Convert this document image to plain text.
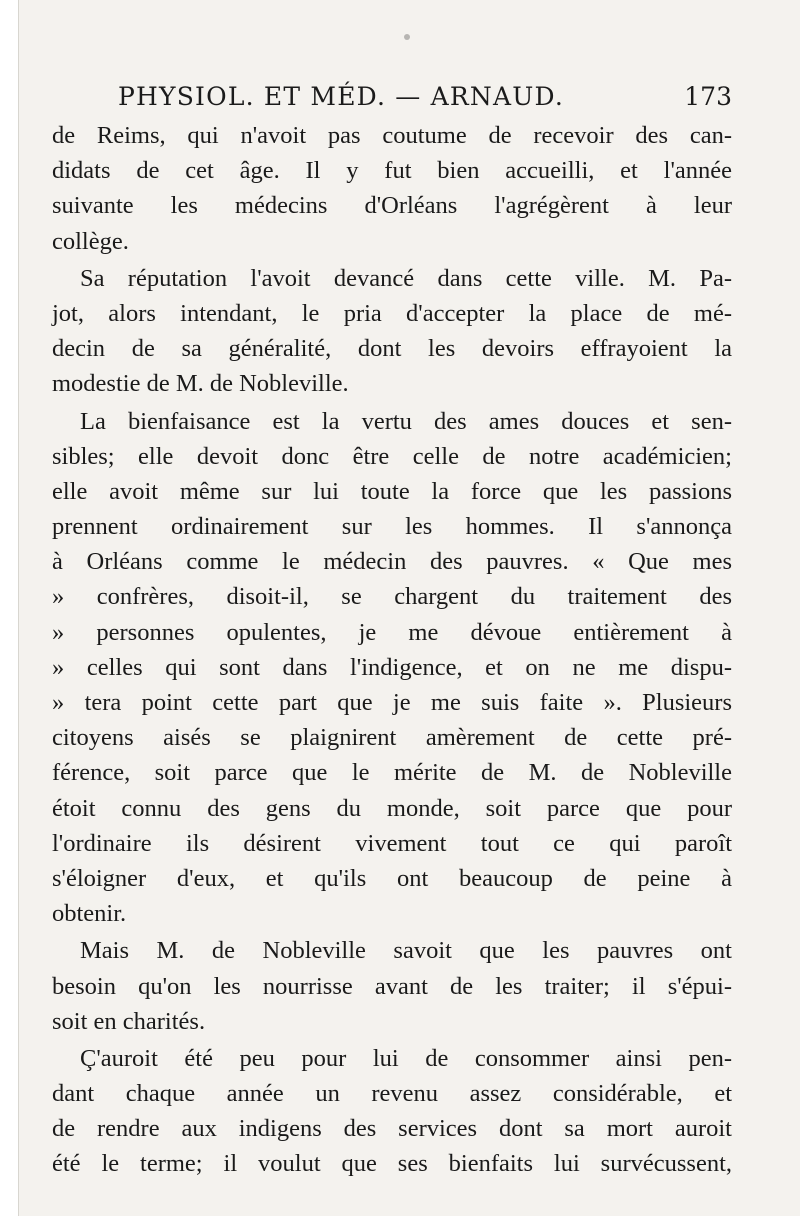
PHYSIOL. ET MÉD. — ARNAUD.	173
de Reims, qui n'avoit pas coutume de recevoir des can-
didats de cet âge. Il y fut bien accueilli, et l'année
suivante les médecins d'Orléans l'agrégèrent à leur
collège.
Sa réputation l'avoit devancé dans cette ville. M. Pa-
jot, alors intendant, le pria d'accepter la place de mé-
decin de sa généralité, dont les devoirs effrayoient la
modestie de M. de Nobleville.
La bienfaisance est la vertu des ames douces et sen-
sibles; elle devoit donc être celle de notre académicien;
elle avoit même sur lui toute la force que les passions
prennent ordinairement sur les hommes. Il s'annonça
à Orléans comme le médecin des pauvres. « Que mes
» confrères, disoit-il, se chargent du traitement des
» personnes opulentes, je me dévoue entièrement à
» celles qui sont dans l'indigence, et on ne me dispu-
» tera point cette part que je me suis faite ». Plusieurs
citoyens aisés se plaignirent amèrement de cette pré-
férence, soit parce que le mérite de M. de Nobleville
étoit connu des gens du monde, soit parce que pour
l'ordinaire ils désirent vivement tout ce qui paroît
s'éloigner d'eux, et qu'ils ont beaucoup de peine à
obtenir.
Mais M. de Nobleville savoit que les pauvres ont
besoin qu'on les nourrisse avant de les traiter; il s'épui-
soit en charités.
Ç'auroit été peu pour lui de consommer ainsi pen-
dant chaque année un revenu assez considérable, et
de rendre aux indigens des services dont sa mort auroit
été le terme; il voulut que ses bienfaits lui survécussent,
